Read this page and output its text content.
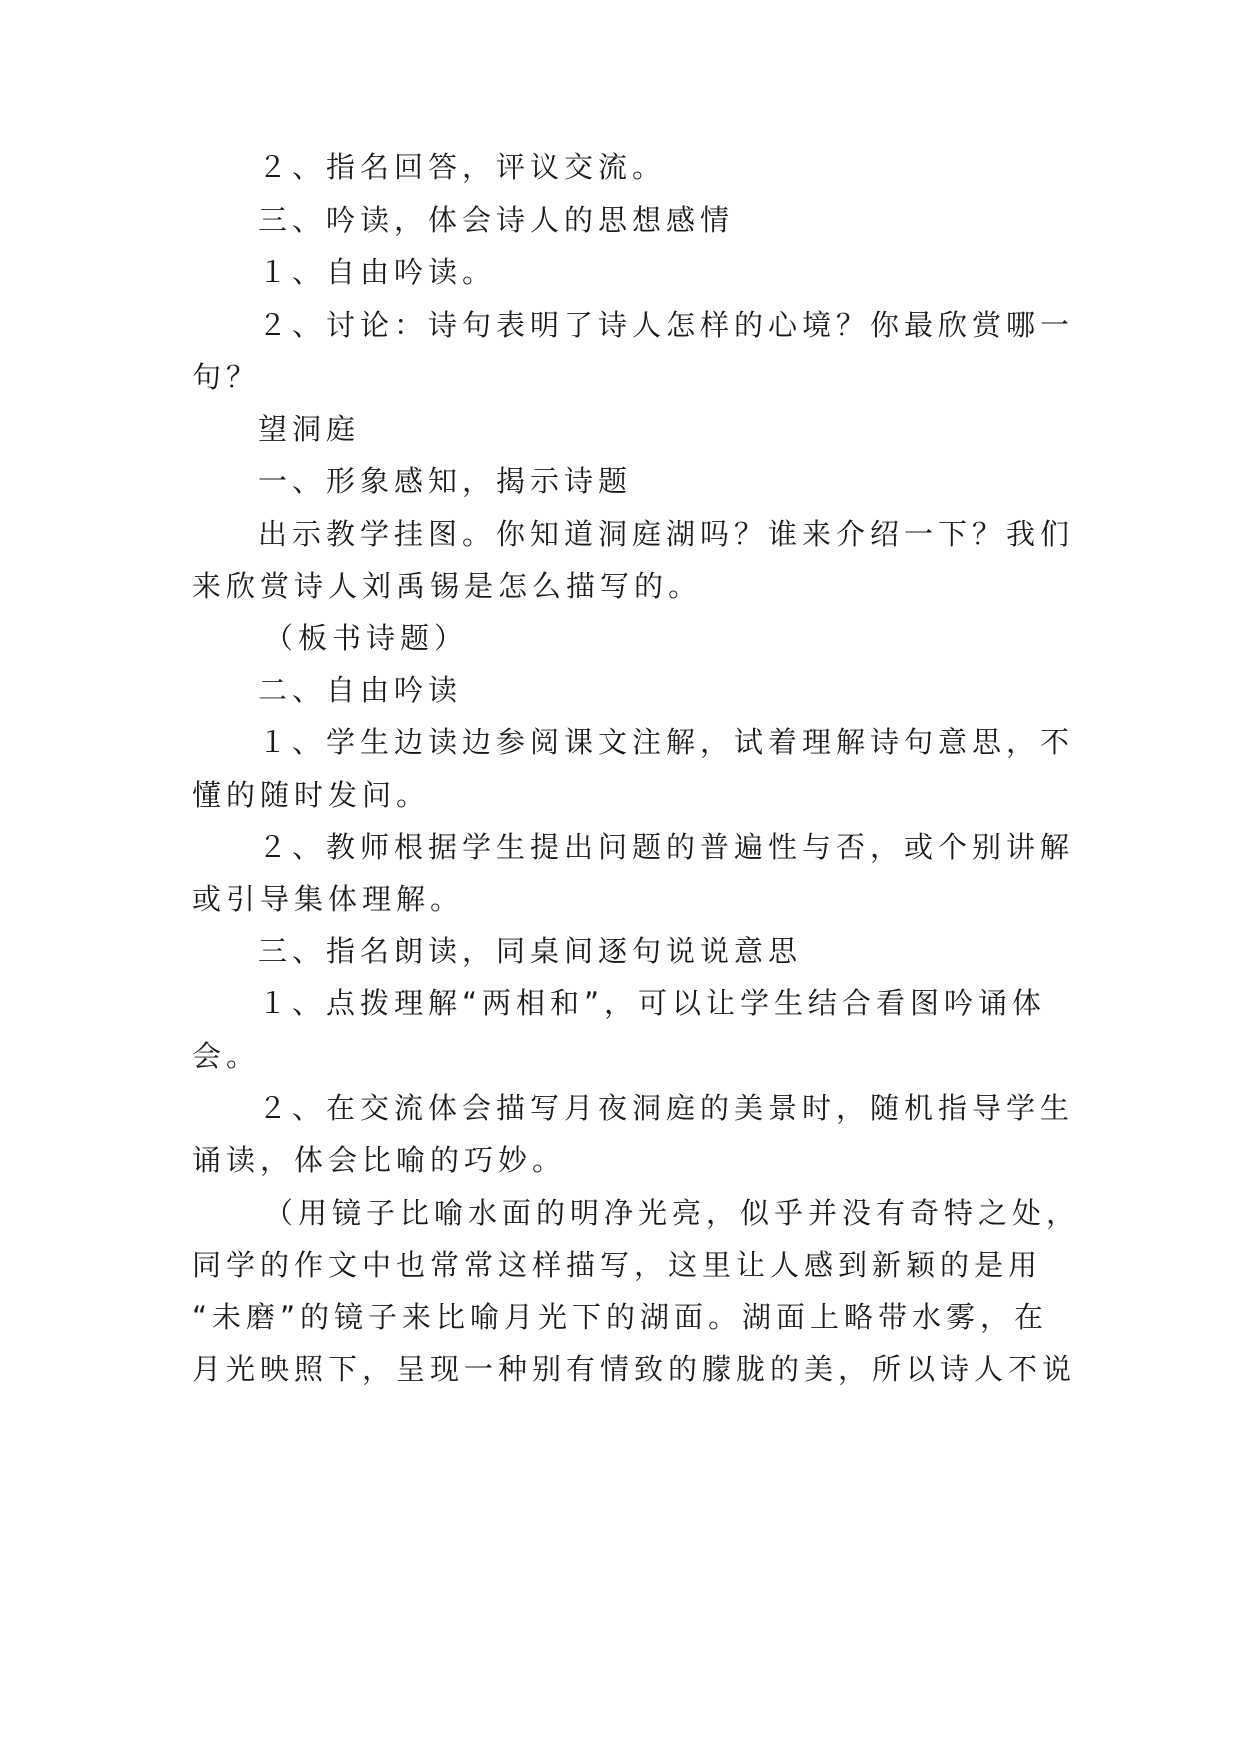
２、指名回答，评议交流。
三、吟读，体会诗人的思想感情
１、自由吟读。
２、讨论：诗句表明了诗人怎样的心境？你最欣赏哪一
句？
望洞庭
一、形象感知，揭示诗题
出示教学挂图。你知道洞庭湖吗？谁来介绍一下？我们
来欣赏诗人刘禹锡是怎么描写的。
（板书诗题）
二、自由吟读
１、学生边读边参阅课文注解，试着理解诗句意思，不
懂的随时发问。
２、教师根据学生提出问题的普遍性与否，或个别讲解
或引导集体理解。
三、指名朗读，同桌间逐句说说意思
１、点拨理解“两相和”，可以让学生结合看图吟诵体
会。
２、在交流体会描写月夜洞庭的美景时，随机指导学生
诵读，体会比喻的巧妙。
（用镜子比喻水面的明净光亮，似乎并没有奇特之处，
同学的作文中也常常这样描写，这里让人感到新颖的是用
“未磨”的镜子来比喻月光下的湖面。湖面上略带水雾，在
月光映照下，呈现一种别有情致的朦胧的美，所以诗人不说
